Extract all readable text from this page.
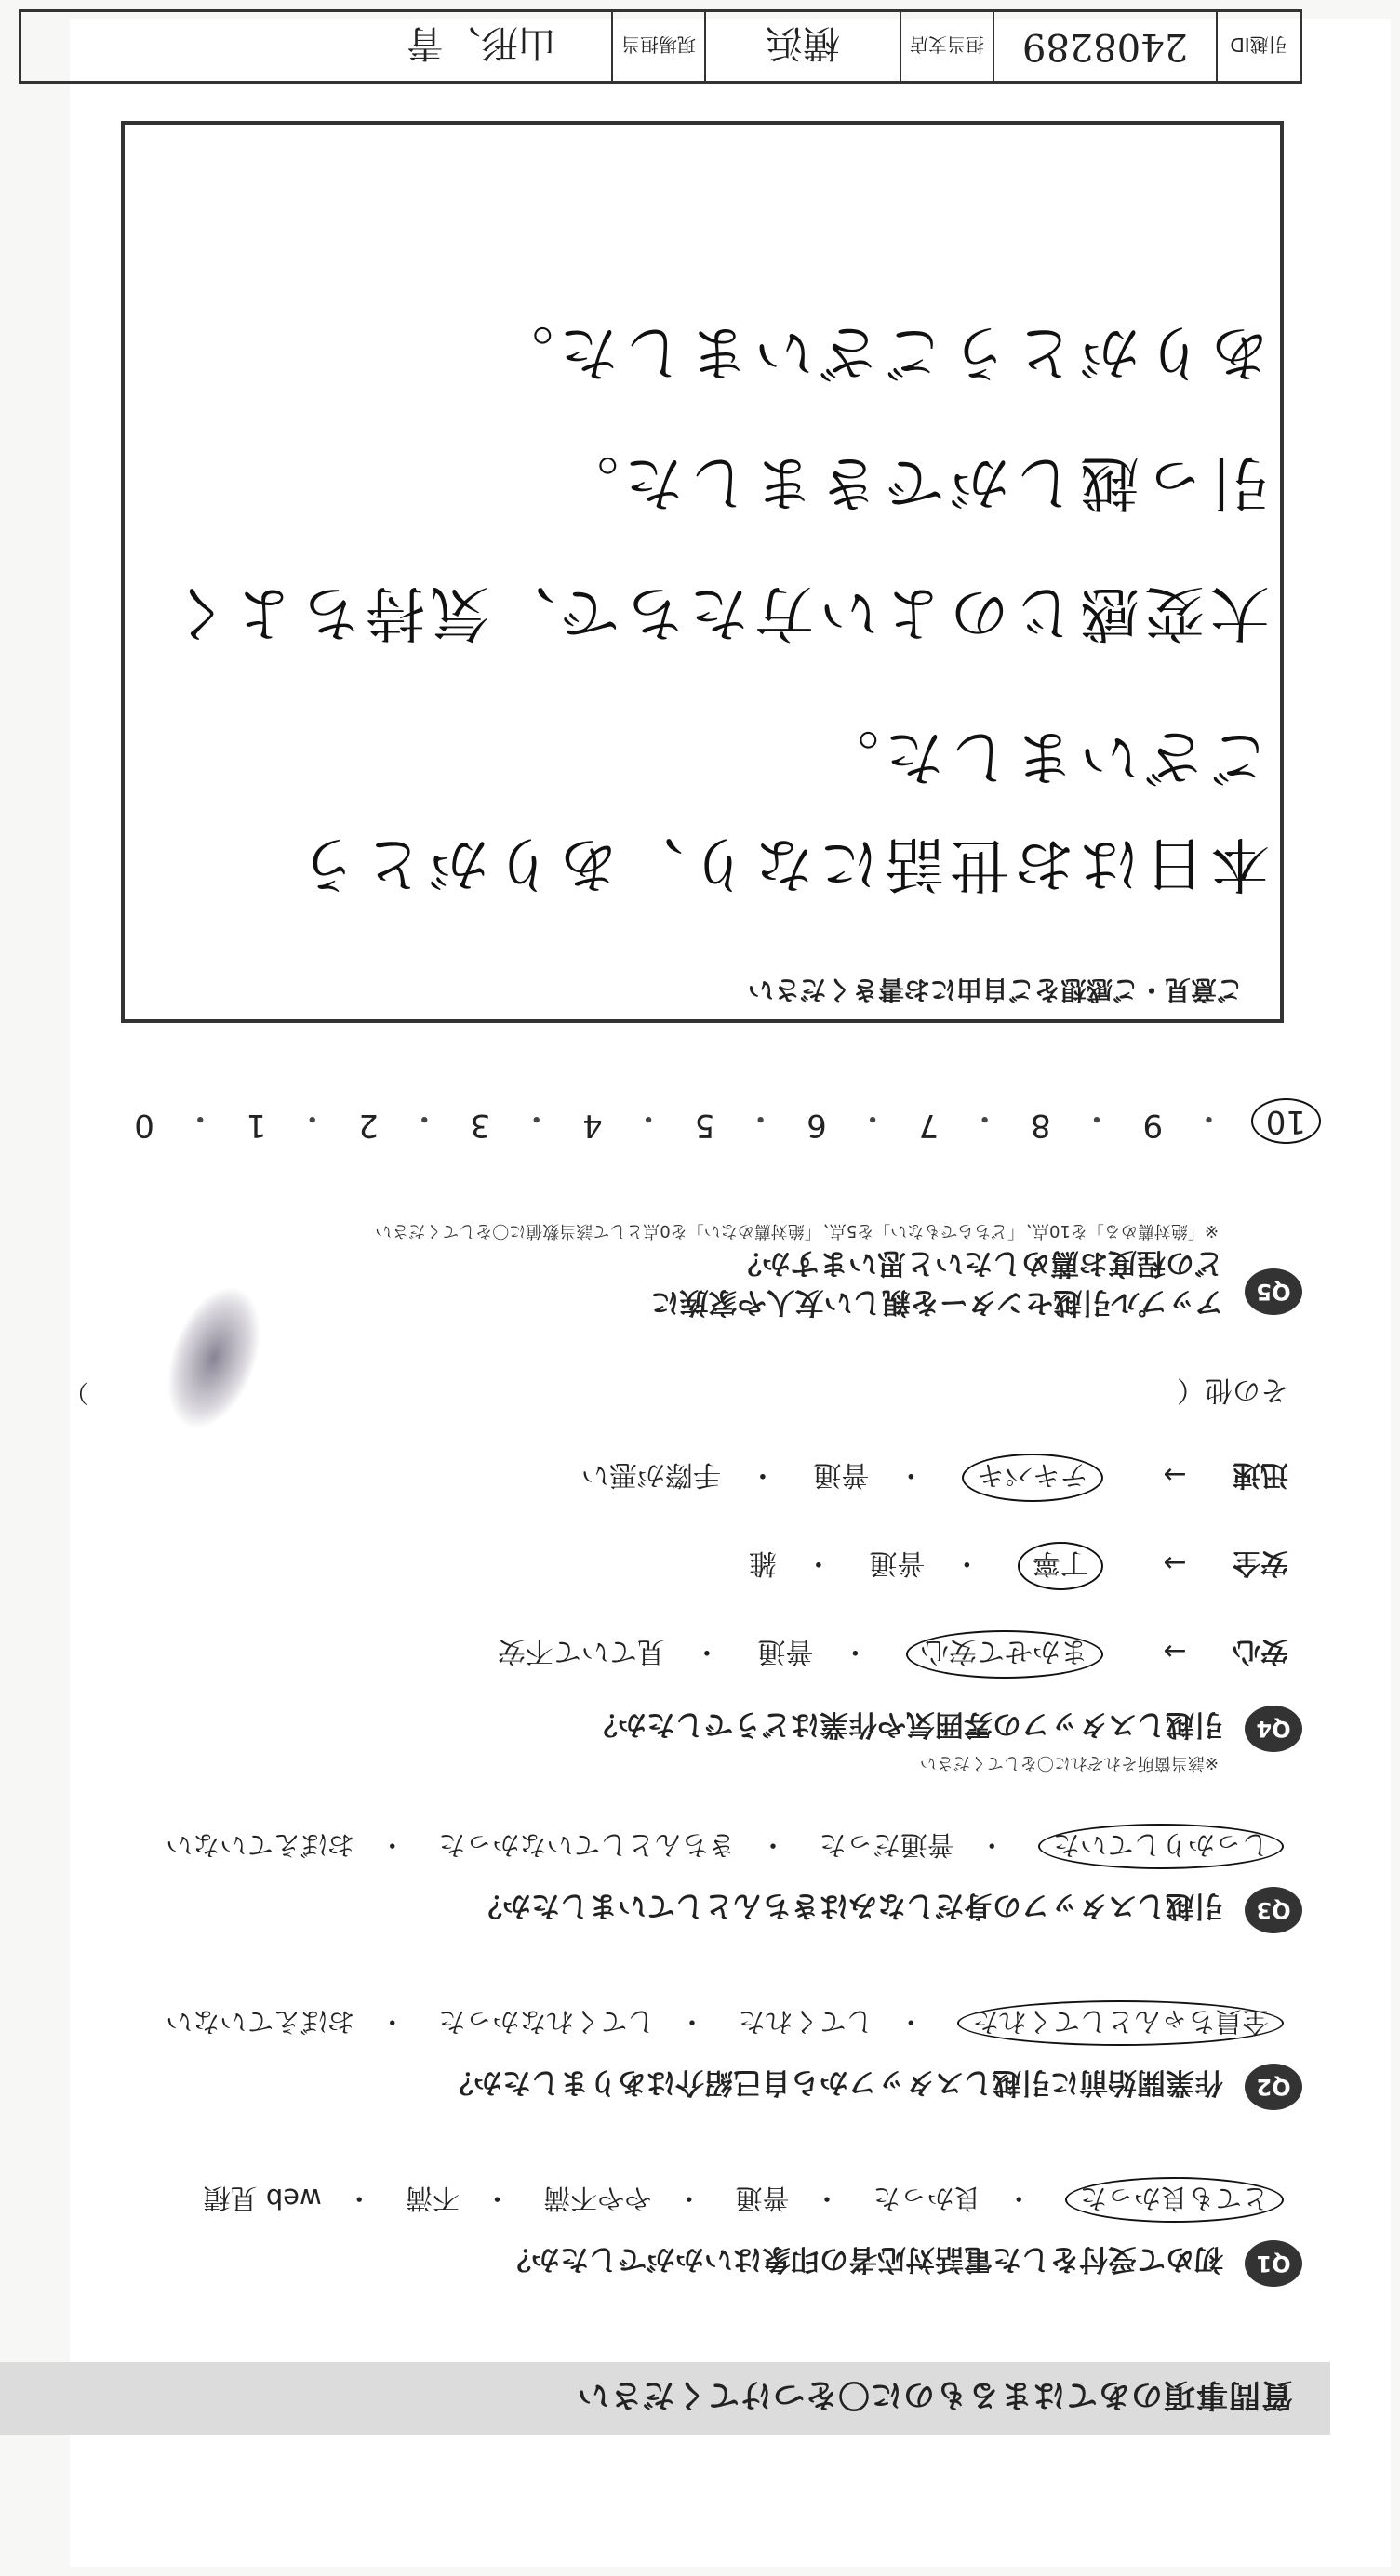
質問事項のあてはまるものに〇をつけてください
Q1
初めて受付をした電話対応者の印象はいかがでしたか？
とても良かった ・良かった ・普通 ・やや不満 ・不満 ・web 見積
Q2
作業開始前に引越しスタッフから自己紹介はありましたか？
全員ちゃんとしてくれた ・してくれた ・してくれなかった ・おぼえていない
Q3
引越しスタッフの身だしなみはきちんとしていましたか？
しっかりしていた ・普通だった ・きちんとしていなかった ・おぼえていない
Q4
引越しスタッフの雰囲気や作業はどうでしたか？
※該当箇所それぞれに〇をしてください
安心 → まかせて安心 ・普通 ・見ていて不安
安全 → 丁寧 ・普通 ・雑
迅速 → テキパキ ・普通 ・手際が悪い
その他（
）
Q5
アップル引越センターを親しい友人や家族に
どの程度お薦めしたいと思いますか？
※「絶対薦める」を10点、「どちらでもない」を5点、「絶対薦めない」を0点として該当数値に〇をしてください
10
・
9
・
8
・
7
・
6
・
5
・
4
・
3
・
2
・
1
・
0
ご意見・ご感想をご自由にお書きください
本日はお世話になり、ありがとう
ございました。
大変感じのよい方たちで、気持ちよく
引っ越しができました。
ありがとうございました。
引越ID
2408289
担当支店
横浜
現場担当
山形、青
